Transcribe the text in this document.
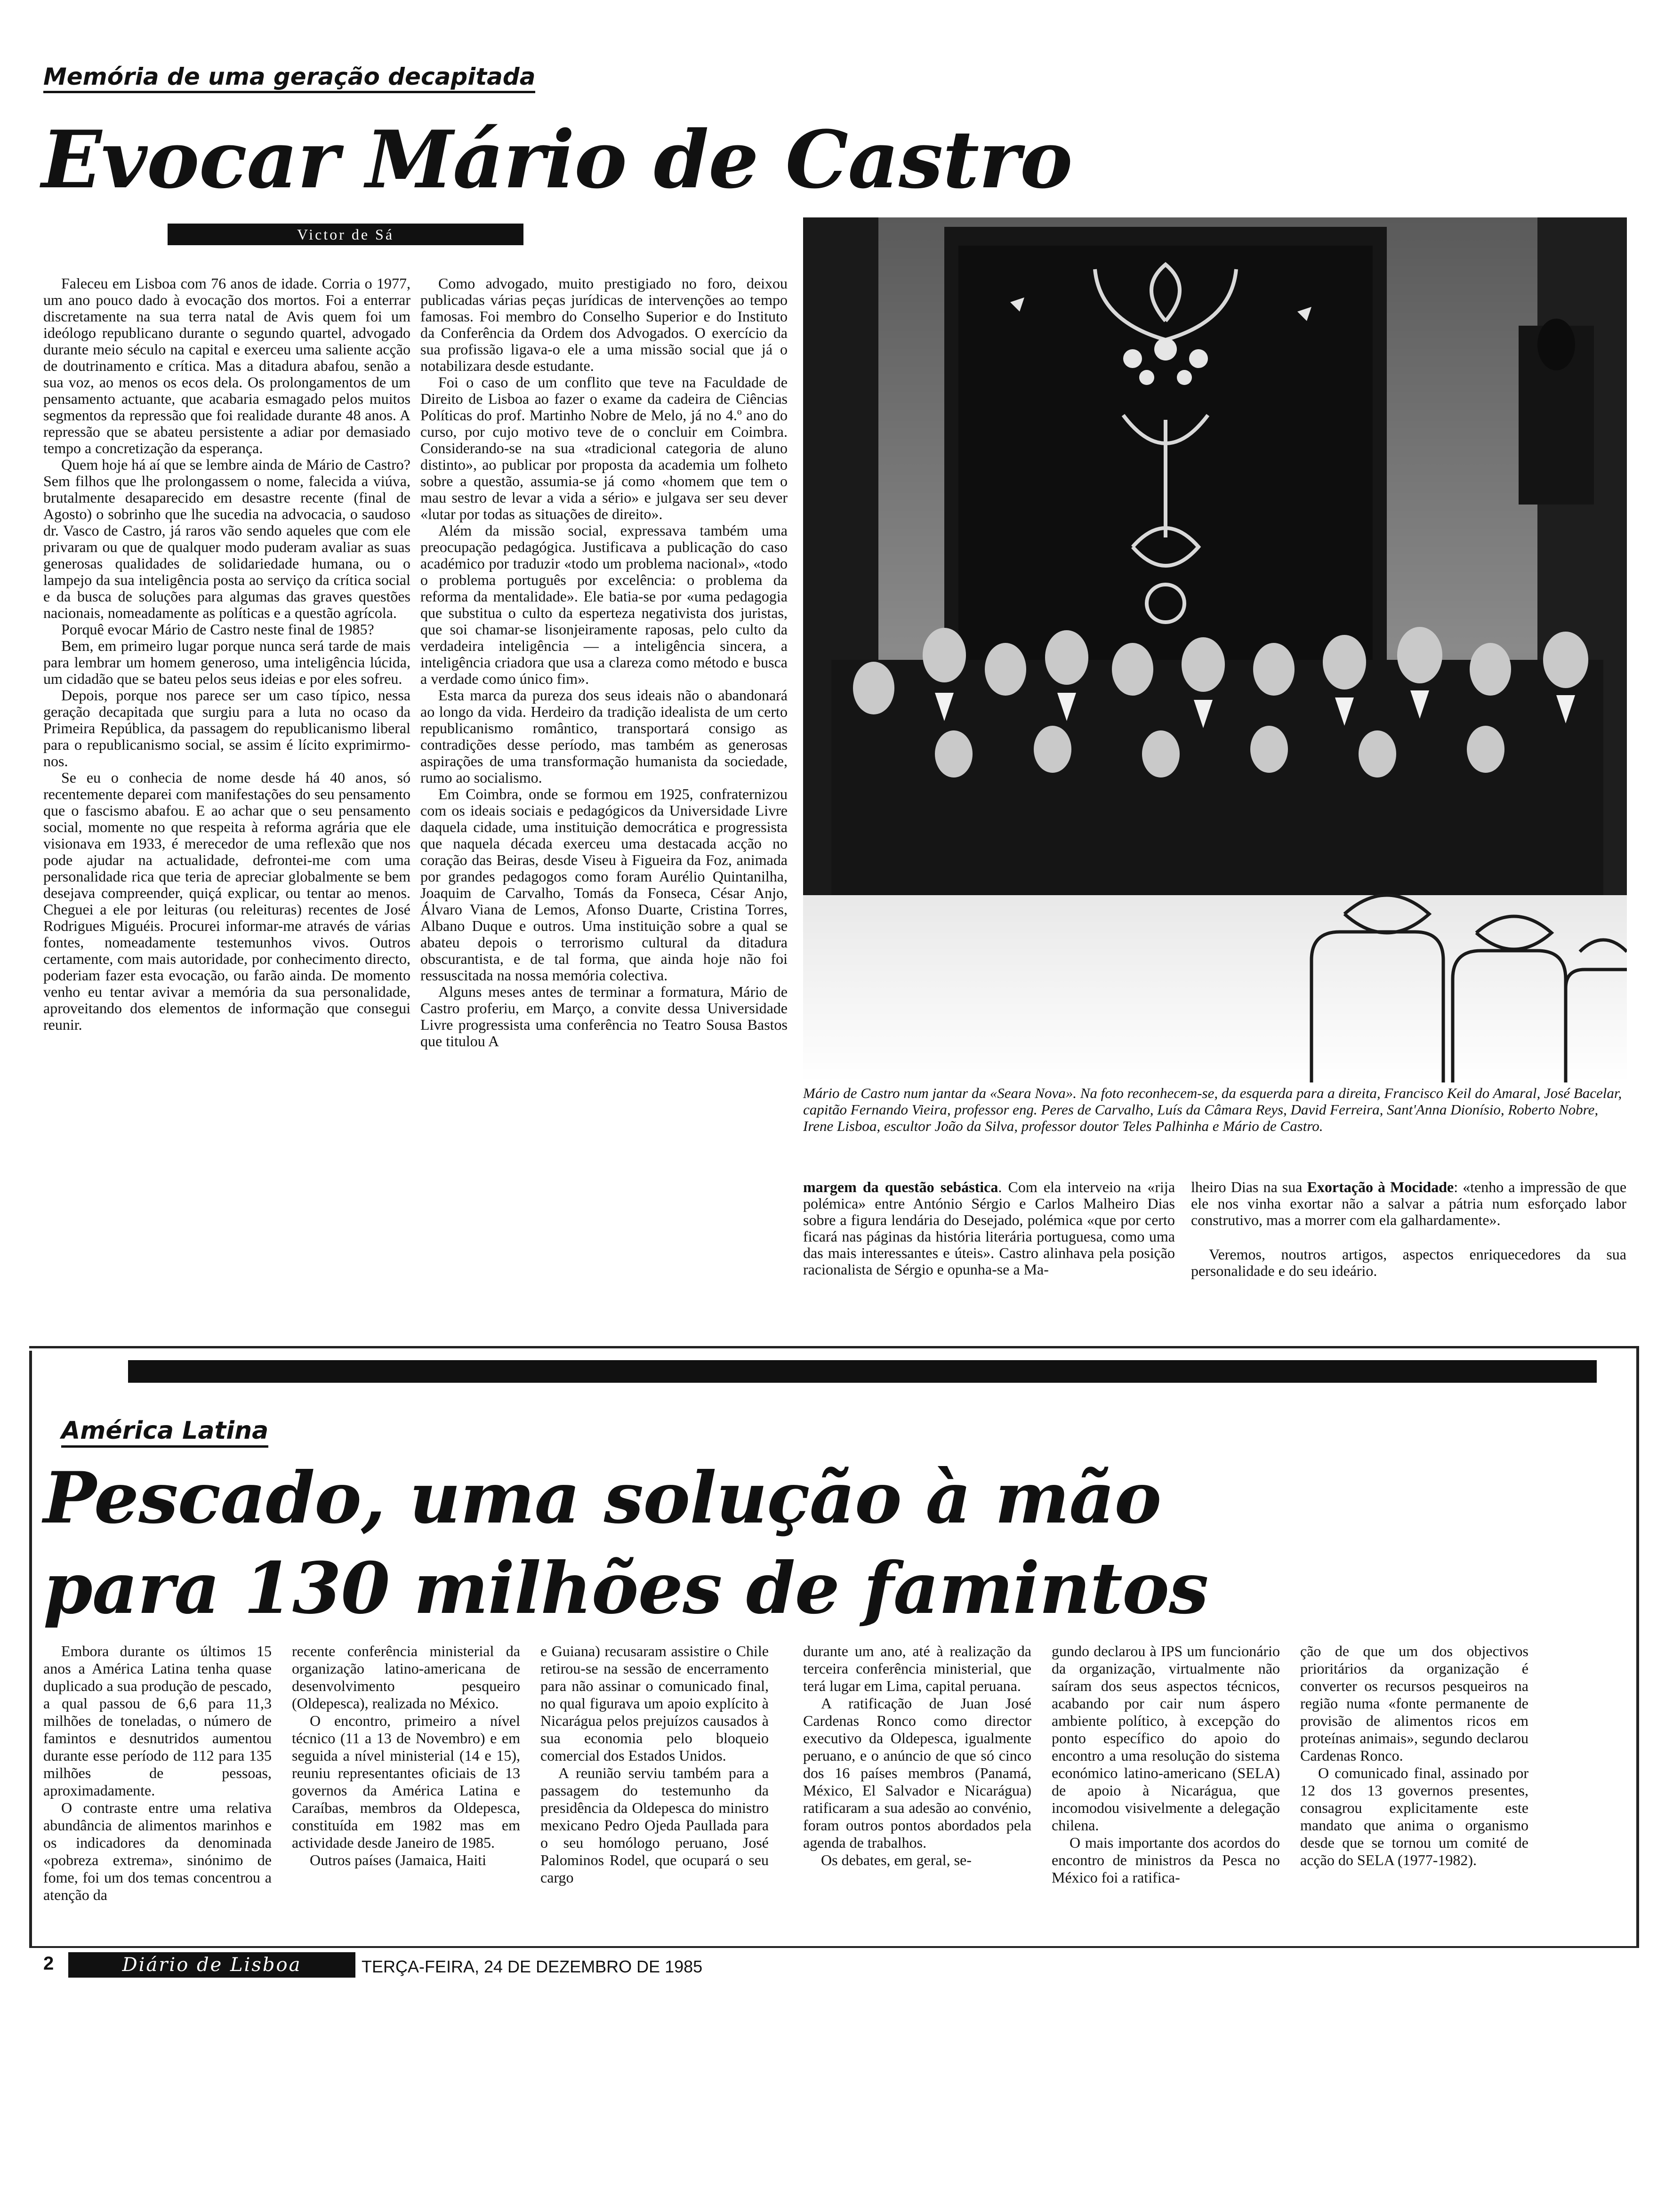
Memória de uma geração decapitada
Evocar Mário de Castro
Victor de Sá

Faleceu em Lisboa com 76 anos de idade. Corria o 1977, um ano pouco dado à evocação dos mortos. Foi a enterrar discretamente na sua terra natal de Avis quem foi um ideólogo republicano durante o segundo quartel, advogado durante meio século na capital e exerceu uma saliente acção de doutrinamento e crítica. Mas a ditadura abafou, senão a sua voz, ao menos os ecos dela. Os prolongamentos de um pensamento actuante, que acabaria esmagado pelos muitos segmentos da repressão que foi realidade durante 48 anos. A repressão que se abateu persistente a adiar por demasiado tempo a concretização da esperança.

Quem hoje há aí que se lembre ainda de Mário de Castro? Sem filhos que lhe prolongassem o nome, falecida a viúva, brutalmente desaparecido em desastre recente (final de Agosto) o sobrinho que lhe sucedia na advocacia, o saudoso dr. Vasco de Castro, já raros vão sendo aqueles que com ele privaram ou que de qualquer modo puderam avaliar as suas generosas qualidades de solidariedade humana, ou o lampejo da sua inteligência posta ao serviço da crítica social e da busca de soluções para algumas das graves questões nacionais, nomeadamente as políticas e a questão agrícola.

Porquê evocar Mário de Castro neste final de 1985?

Bem, em primeiro lugar porque nunca será tarde de mais para lembrar um homem generoso, uma inteligência lúcida, um cidadão que se bateu pelos seus ideias e por eles sofreu.

Depois, porque nos parece ser um caso típico, nessa geração decapitada que surgiu para a luta no ocaso da Primeira República, da passagem do republicanismo liberal para o republicanismo social, se assim é lícito exprimirmo-nos.

Se eu o conhecia de nome desde há 40 anos, só recentemente deparei com manifestações do seu pensamento que o fascismo abafou. E ao achar que o seu pensamento social, momente no que respeita à reforma agrária que ele visionava em 1933, é merecedor de uma reflexão que nos pode ajudar na actualidade, defrontei-me com uma personalidade rica que teria de apreciar globalmente se bem desejava compreender, quiçá explicar, ou tentar ao menos. Cheguei a ele por leituras (ou releituras) recentes de José Rodrigues Miguéis. Procurei informar-me através de várias fontes, nomeadamente testemunhos vivos. Outros certamente, com mais autoridade, por conhecimento directo, poderiam fazer esta evocação, ou farão ainda. De momento venho eu tentar avivar a memória da sua personalidade, aproveitando dos elementos de informação que consegui reunir.

Como advogado, muito prestigiado no foro, deixou publicadas várias peças jurídicas de intervenções ao tempo famosas. Foi membro do Conselho Superior e do Instituto da Conferência da Ordem dos Advogados. O exercício da sua profissão ligava-o ele a uma missão social que já o notabilizara desde estudante.

Foi o caso de um conflito que teve na Faculdade de Direito de Lisboa ao fazer o exame da cadeira de Ciências Políticas do prof. Martinho Nobre de Melo, já no 4.º ano do curso, por cujo motivo teve de o concluir em Coimbra. Considerando-se na sua «tradicional categoria de aluno distinto», ao publicar por proposta da academia um folheto sobre a questão, assumia-se já como «homem que tem o mau sestro de levar a vida a sério» e julgava ser seu dever «lutar por todas as situações de direito».

Além da missão social, expressava também uma preocupação pedagógica. Justificava a publicação do caso académico por traduzir «todo um problema nacional», «todo o problema português por excelência: o problema da reforma da mentalidade». Ele batia-se por «uma pedagogia que substitua o culto da esperteza negativista dos juristas, que soi chamar-se lisonjeiramente raposas, pelo culto da verdadeira inteligência — a inteligência sincera, a inteligência criadora que usa a clareza como método e busca a verdade como único fim».

Esta marca da pureza dos seus ideais não o abandonará ao longo da vida. Herdeiro da tradição idealista de um certo republicanismo romântico, transportará consigo as contradições desse período, mas também as generosas aspirações de uma transformação humanista da sociedade, rumo ao socialismo.

Em Coimbra, onde se formou em 1925, confraternizou com os ideais sociais e pedagógicos da Universidade Livre daquela cidade, uma instituição democrática e progressista que naquela década exerceu uma destacada acção no coração das Beiras, desde Viseu à Figueira da Foz, animada por grandes pedagogos como foram Aurélio Quintanilha, Joaquim de Carvalho, Tomás da Fonseca, César Anjo, Álvaro Viana de Lemos, Afonso Duarte, Cristina Torres, Albano Duque e outros. Uma instituição sobre a qual se abateu depois o terrorismo cultural da ditadura obscurantista, e de tal forma, que ainda hoje não foi ressuscitada na nossa memória colectiva.

Alguns meses antes de terminar a formatura, Mário de Castro proferiu, em Março, a convite dessa Universidade Livre progressista uma conferência no Teatro Sousa Bastos que titulou A

Mário de Castro num jantar da «Seara Nova». Na foto reconhecem-se, da esquerda para a direita, Francisco Keil do Amaral, José Bacelar, capitão Fernando Vieira, professor eng. Peres de Carvalho, Luís da Câmara Reys, David Ferreira, Sant'Anna Dionísio, Roberto Nobre, Irene Lisboa, escultor João da Silva, professor doutor Teles Palhinha e Mário de Castro.

margem da questão sebástica. Com ela interveio na «rija polémica» entre António Sérgio e Carlos Malheiro Dias sobre a figura lendária do Desejado, polémica «que por certo ficará nas páginas da história literária portuguesa, como uma das mais interessantes e úteis». Castro alinhava pela posição racionalista de Sérgio e opunha-se a Ma-

lheiro Dias na sua Exortação à Mocidade: «tenho a impressão de que ele nos vinha exortar não a salvar a pátria num esforçado labor construtivo, mas a morrer com ela galhardamente».

Veremos, noutros artigos, aspectos enriquecedores da sua personalidade e do seu ideário.

América Latina
Pescado, uma solução à mão
para 130 milhões de famintos

Embora durante os últimos 15 anos a América Latina tenha quase duplicado a sua produção de pescado, a qual passou de 6,6 para 11,3 milhões de toneladas, o número de famintos e desnutridos aumentou durante esse período de 112 para 135 milhões de pessoas, aproximadamente.

O contraste entre uma relativa abundância de alimentos marinhos e os indicadores da denominada «pobreza extrema», sinónimo de fome, foi um dos temas concentrou a atenção da

recente conferência ministerial da organização latino-americana de desenvolvimento pesqueiro (Oldepesca), realizada no México.

O encontro, primeiro a nível técnico (11 a 13 de Novembro) e em seguida a nível ministerial (14 e 15), reuniu representantes oficiais de 13 governos da América Latina e Caraíbas, membros da Oldepesca, constituída em 1982 mas em actividade desde Janeiro de 1985.

Outros países (Jamaica, Haiti

e Guiana) recusaram assistire o Chile retirou-se na sessão de encerramento para não assinar o comunicado final, no qual figurava um apoio explícito à Nicarágua pelos prejuízos causados à sua economia pelo bloqueio comercial dos Estados Unidos.

A reunião serviu também para a passagem do testemunho da presidência da Oldepesca do ministro mexicano Pedro Ojeda Paullada para o seu homólogo peruano, José Palominos Rodel, que ocupará o seu cargo

durante um ano, até à realização da terceira conferência ministerial, que terá lugar em Lima, capital peruana.

A ratificação de Juan José Cardenas Ronco como director executivo da Oldepesca, igualmente peruano, e o anúncio de que só cinco dos 16 países membros (Panamá, México, El Salvador e Nicarágua) ratificaram a sua adesão ao convénio, foram outros pontos abordados pela agenda de trabalhos.

Os debates, em geral, se-

gundo declarou à IPS um funcionário da organização, virtualmente não saíram dos seus aspectos técnicos, acabando por cair num áspero ambiente político, à excepção do ponto específico do apoio do encontro a uma resolução do sistema económico latino-americano (SELA) de apoio à Nicarágua, que incomodou visivelmente a delegação chilena.

O mais importante dos acordos do encontro de ministros da Pesca no México foi a ratifica-

ção de que um dos objectivos prioritários da organização é converter os recursos pesqueiros na região numa «fonte permanente de provisão de alimentos ricos em proteínas animais», segundo declarou Cardenas Ronco.

O comunicado final, assinado por 12 dos 13 governos presentes, consagrou explicitamente este mandato que anima o organismo desde que se tornou um comité de acção do SELA (1977-1982).

2	Diário de Lisboa	TERÇA-FEIRA, 24 DE DEZEMBRO DE 1985
